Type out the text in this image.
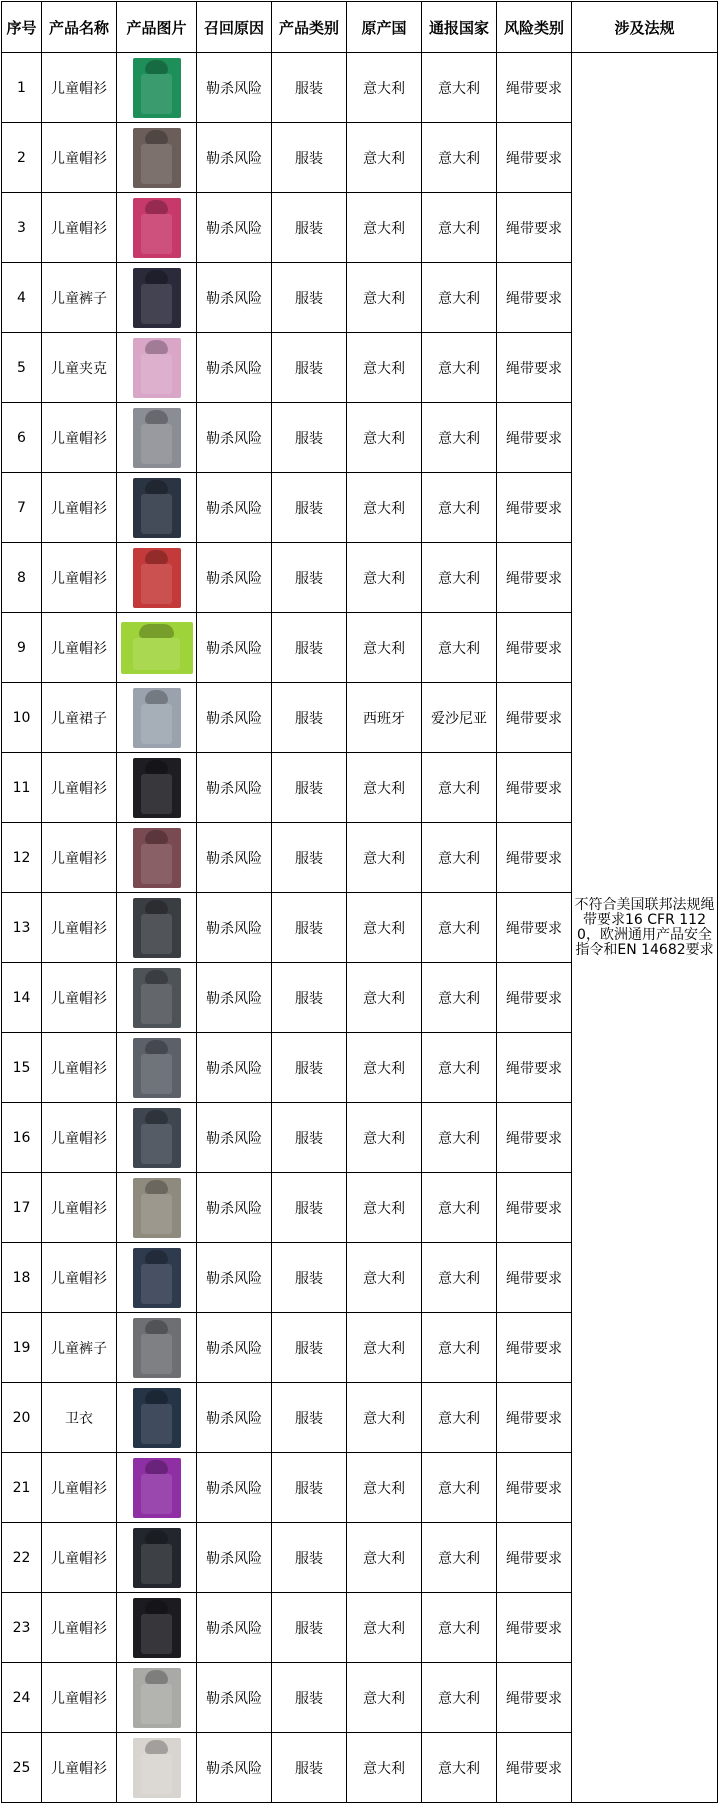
序号	产品名称	产品图片	召回原因	产品类别	原产国	通报国家	风险类别	涉及法规
1	儿童帽衫		勒杀风险	服装	意大利	意大利	绳带要求	不符合美国联邦法规绳带要求16 CFR 1120，欧洲通用产品安全指令和EN 14682要求
2	儿童帽衫		勒杀风险	服装	意大利	意大利	绳带要求	
3	儿童帽衫		勒杀风险	服装	意大利	意大利	绳带要求	
4	儿童裤子		勒杀风险	服装	意大利	意大利	绳带要求	
5	儿童夹克		勒杀风险	服装	意大利	意大利	绳带要求	
6	儿童帽衫		勒杀风险	服装	意大利	意大利	绳带要求	
7	儿童帽衫		勒杀风险	服装	意大利	意大利	绳带要求	
8	儿童帽衫		勒杀风险	服装	意大利	意大利	绳带要求	
9	儿童帽衫		勒杀风险	服装	意大利	意大利	绳带要求	
10	儿童裙子		勒杀风险	服装	西班牙	爱沙尼亚	绳带要求	
11	儿童帽衫		勒杀风险	服装	意大利	意大利	绳带要求	
12	儿童帽衫		勒杀风险	服装	意大利	意大利	绳带要求	
13	儿童帽衫		勒杀风险	服装	意大利	意大利	绳带要求	
14	儿童帽衫		勒杀风险	服装	意大利	意大利	绳带要求	
15	儿童帽衫		勒杀风险	服装	意大利	意大利	绳带要求	
16	儿童帽衫		勒杀风险	服装	意大利	意大利	绳带要求	
17	儿童帽衫		勒杀风险	服装	意大利	意大利	绳带要求	
18	儿童帽衫		勒杀风险	服装	意大利	意大利	绳带要求	
19	儿童裤子		勒杀风险	服装	意大利	意大利	绳带要求	
20	卫衣		勒杀风险	服装	意大利	意大利	绳带要求	
21	儿童帽衫		勒杀风险	服装	意大利	意大利	绳带要求	
22	儿童帽衫		勒杀风险	服装	意大利	意大利	绳带要求	
23	儿童帽衫		勒杀风险	服装	意大利	意大利	绳带要求	
24	儿童帽衫		勒杀风险	服装	意大利	意大利	绳带要求	
25	儿童帽衫		勒杀风险	服装	意大利	意大利	绳带要求	
